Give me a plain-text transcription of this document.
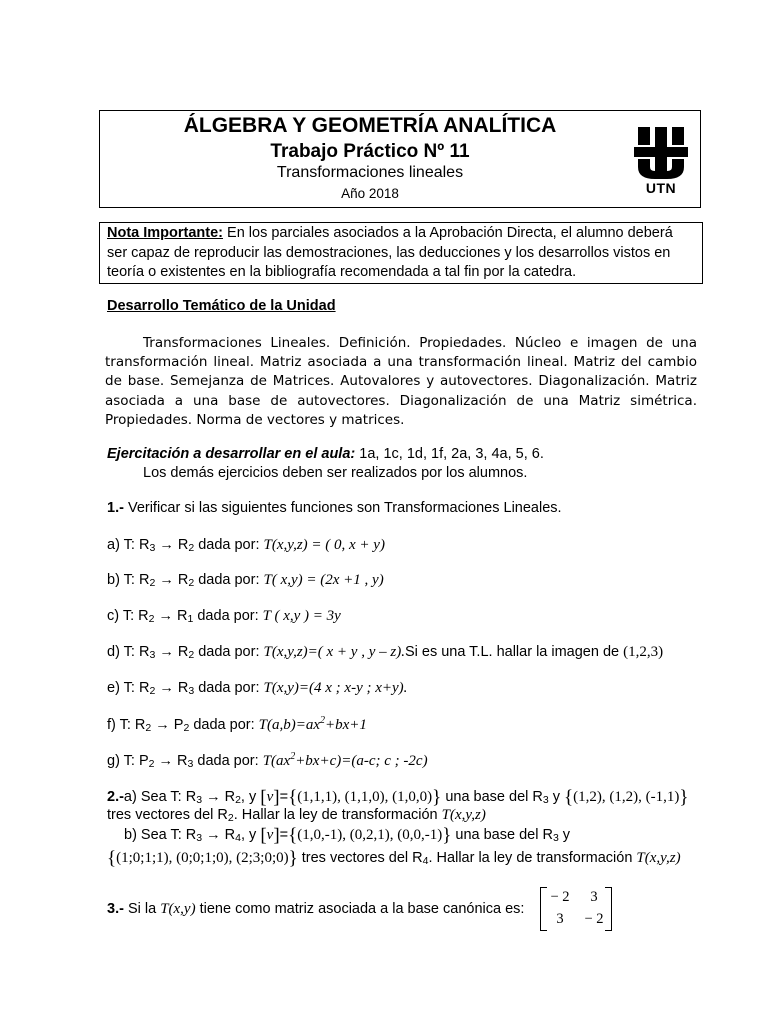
ÁLGEBRA Y GEOMETRÍA ANALÍTICA
Trabajo Práctico Nº 11
Transformaciones lineales
Año 2018	UTN
Nota Importante: En los parciales asociados a la Aprobación Directa, el alumno deberá ser capaz de reproducir las demostraciones, las deducciones y los desarrollos vistos en teoría o existentes en la bibliografía recomendada a tal fin por la catedra.
Desarrollo Temático de la Unidad
Transformaciones Lineales. Definición. Propiedades. Núcleo e imagen de una transformación lineal. Matriz asociada a una transformación lineal. Matriz del cambio de base. Semejanza de Matrices. Autovalores y autovectores. Diagonalización. Matriz asociada a una base de autovectores. Diagonalización de una Matriz simétrica. Propiedades. Norma de vectores y matrices.
Ejercitación a desarrollar en el aula: 1a, 1c, 1d, 1f, 2a, 3, 4a, 5, 6.
Los demás ejercicios deben ser realizados por los alumnos.
1.- Verificar si las siguientes funciones son Transformaciones Lineales.
a) T: R3 → R2 dada por: T(x,y,z) = ( 0, x + y)
b) T: R2 → R2 dada por: T( x,y) = (2x +1 , y)
c) T: R2 → R1 dada por: T ( x,y ) = 3y
d) T: R3 → R2 dada por: T(x,y,z)=( x + y , y – z).Si es una T.L. hallar la imagen de (1,2,3)
e) T: R2 → R3 dada por: T(x,y)=(4 x ; x-y ; x+y).
f) T: R2 → P2 dada por: $T(a,b)=ax^2+bx+1$
g) T: P2 → R3 dada por: $T(ax^2+bx+c)=(a-c$; c ; -2c)
2.-a) Sea T: R3 → R2, y [v]={(1,1,1), (1,1,0), (1,0,0)} una base del R3 y {(1,2), (1,2), (-1,1)}
tres vectores del R2. Hallar la ley de transformación T(x,y,z)
b) Sea T: R3 → R4, y [v]={(1,0,-1), (0,2,1), (0,0,-1)} una base del R3 y
{(1;0;1;1), (0;0;1;0), (2;3;0;0)} tres vectores del R4. Hallar la ley de transformación T(x,y,z)
3.- Si la T(x,y) tiene como matriz asociada a la base canónica es:
− 2	3
3	− 2
